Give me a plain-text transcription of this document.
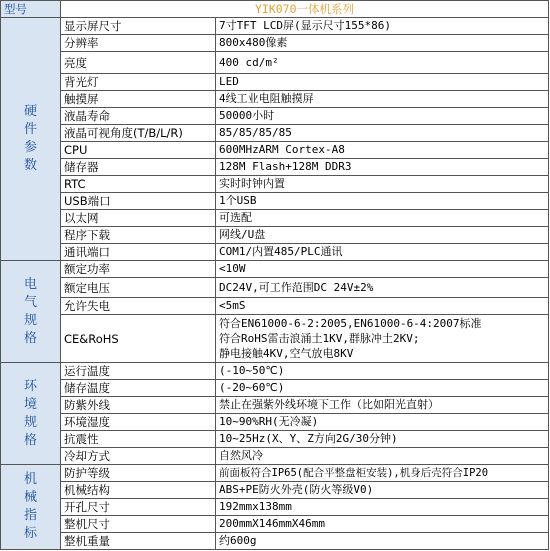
型号	YIK070一体机系列	

硬
件
参
数	显示屏尺寸	7寸TFT LCD屏(显示尺寸155*86)
	分辨率	800x480像素
	亮度	400 cd/m²
	背光灯	LED
	触摸屏	4线工业电阻触摸屏
	液晶寿命	50000小时
	液晶可视角度(T/B/L/R)	85/85/85/85
	CPU	600MHzARM Cortex-A8
	储存器	128M Flash+128M DDR3
	RTC	实时时钟内置
	USB端口	1个USB
	以太网	可选配
	程序下载	网线/U盘
	通讯端口	COM1/内置485/PLC通讯

电
气
规
格	额定功率	<10W
	额定电压	DC24V,可工作范围DC 24V±2%
	允许失电	<5mS
	CE&RoHS	符合EN61000-6-2:2005,EN61000-6-4:2007标准
符合RoHS雷击浪涌土1KV,群脉冲土2KV;
静电接触4KV,空气放电8KV

环
境
规
格	运行温度	(-10~50℃)
	储存温度	(-20~60℃)
	防紫外线	禁止在强紫外线环境下工作（比如阳光直射）
	环境湿度	10~90%RH(无冷凝)
	抗震性	10~25Hz(X、Y、Z方向2G/30分钟)
	冷却方式	自然风冷

机
械
指
标	防护等级	前面板符合IP65(配合平整盘柜安装),机身后壳符合IP20
	机械结构	ABS+PE防火外壳(防火等级V0)
	开孔尺寸	192mmx138mm
	整机尺寸	200mmX146mmX46mm
	整机重量	约600g
